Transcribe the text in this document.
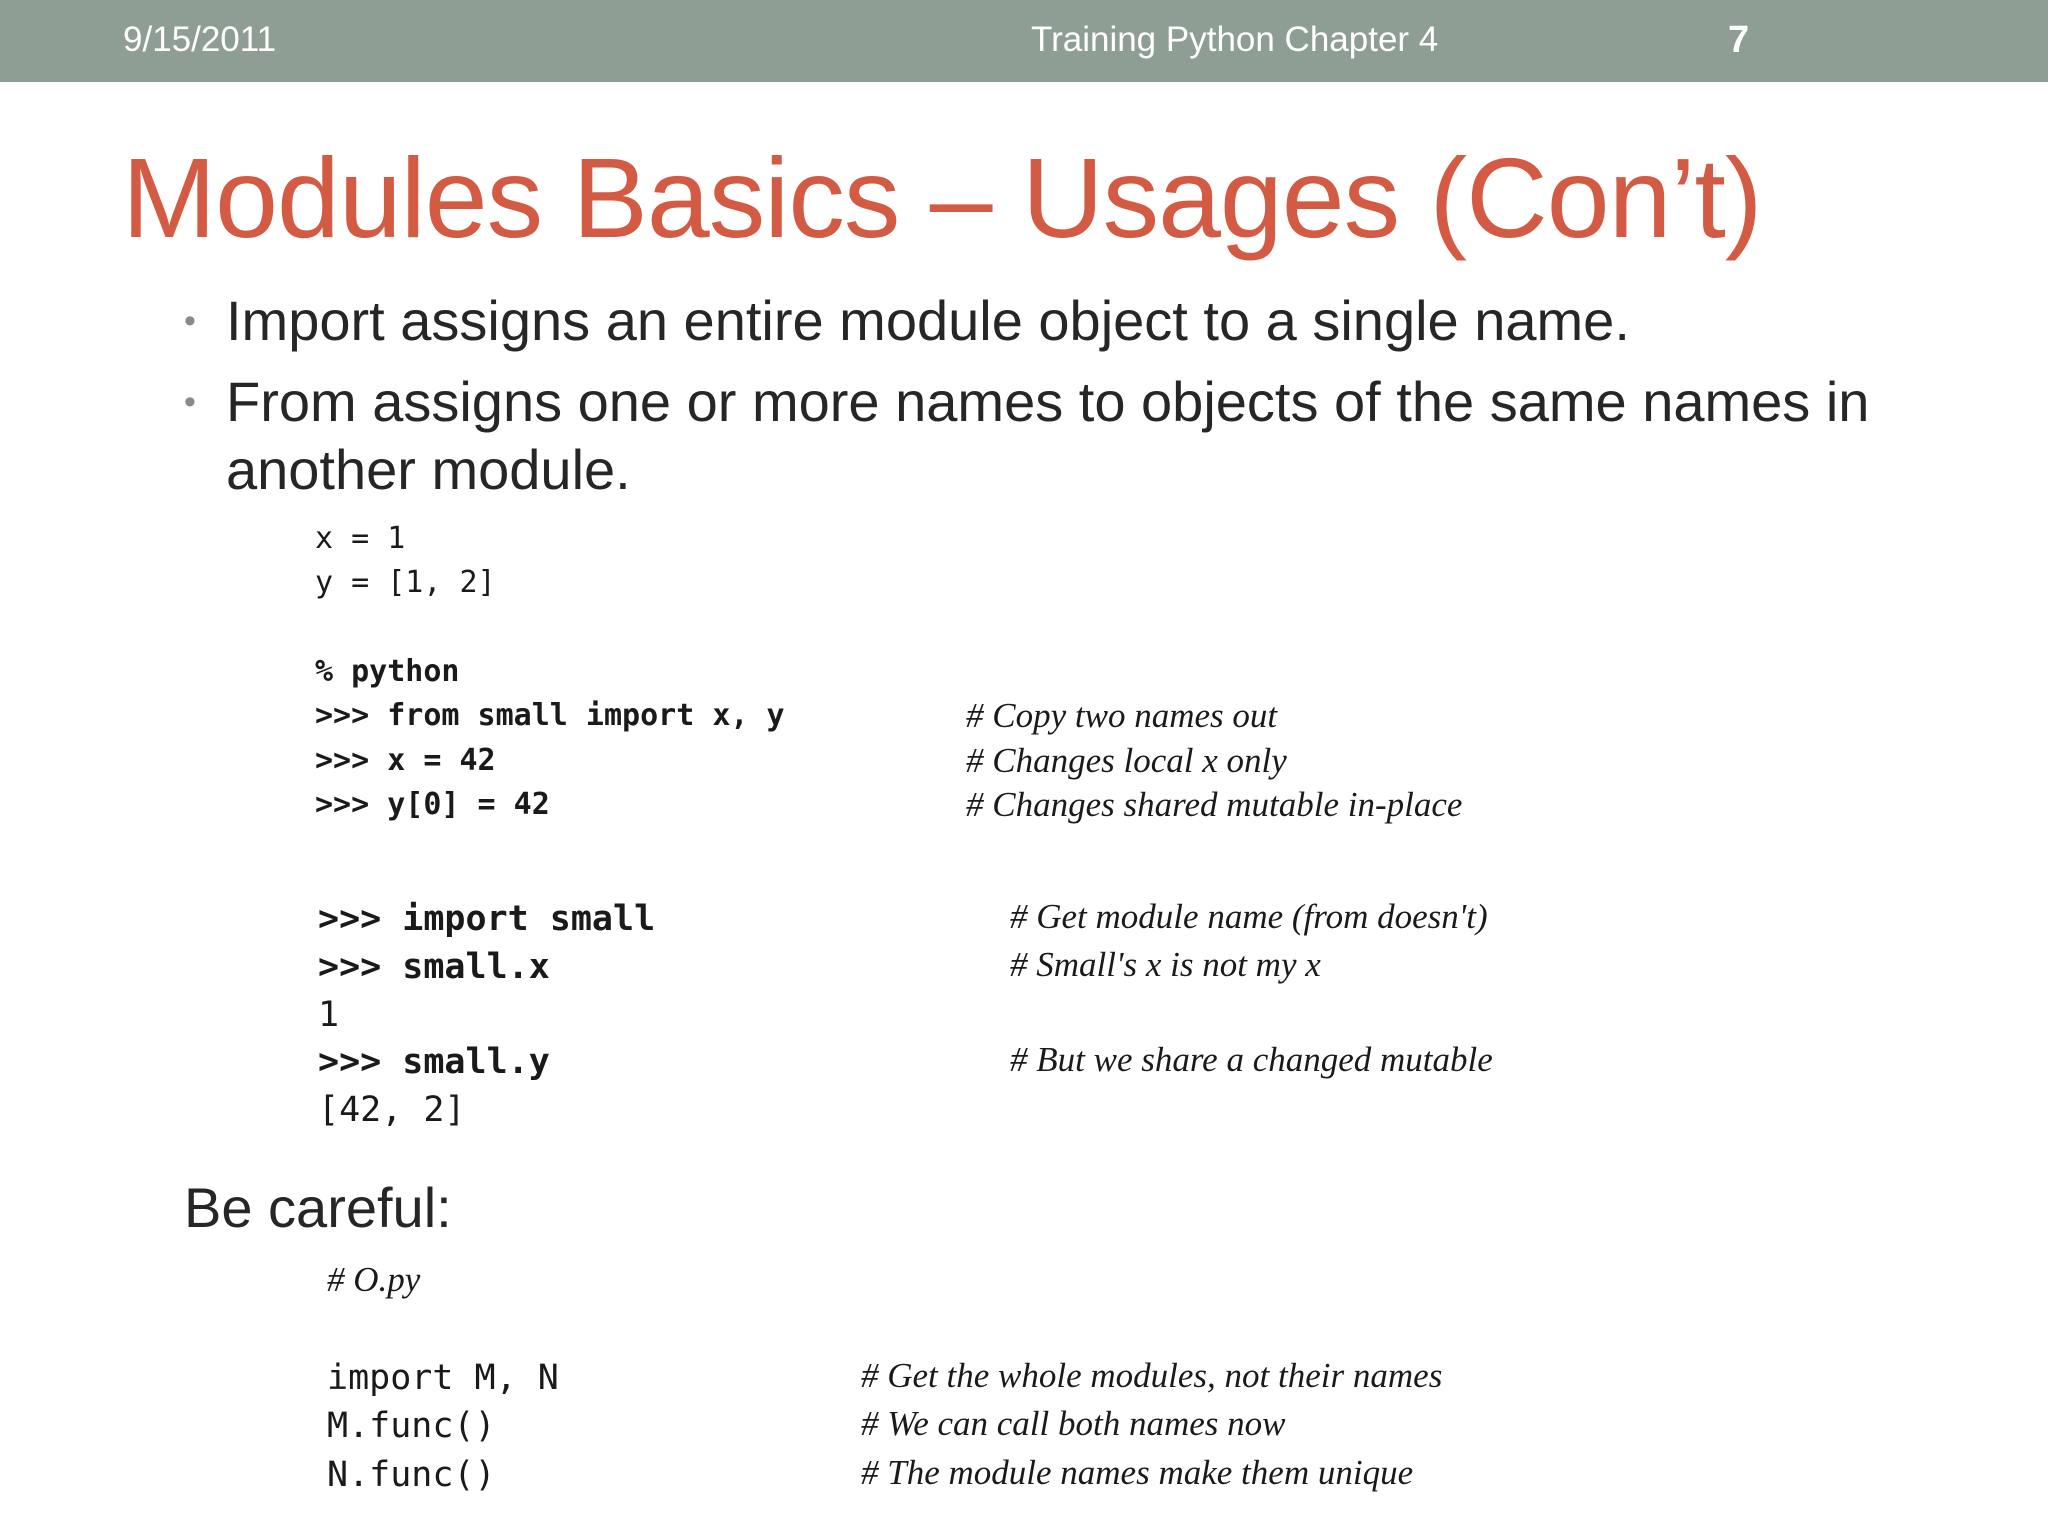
9/15/2011	Training Python Chapter 4	7
Modules Basics – Usages (Con’t)
• Import assigns an entire module object to a single name.
• From assigns one or more names to objects of the same names in another module.
x = 1
y = [1, 2]
% python
>>> from small import x, y
>>> x = 42
>>> y[0] = 42
# Copy two names out
# Changes local x only
# Changes shared mutable in-place
>>> import small
>>> small.x
1
>>> small.y
[42, 2]
# Get module name (from doesn't)
# Small's x is not my x
# But we share a changed mutable
Be careful:
# O.py
import M, N
M.func()
N.func()
# Get the whole modules, not their names
# We can call both names now
# The module names make them unique
